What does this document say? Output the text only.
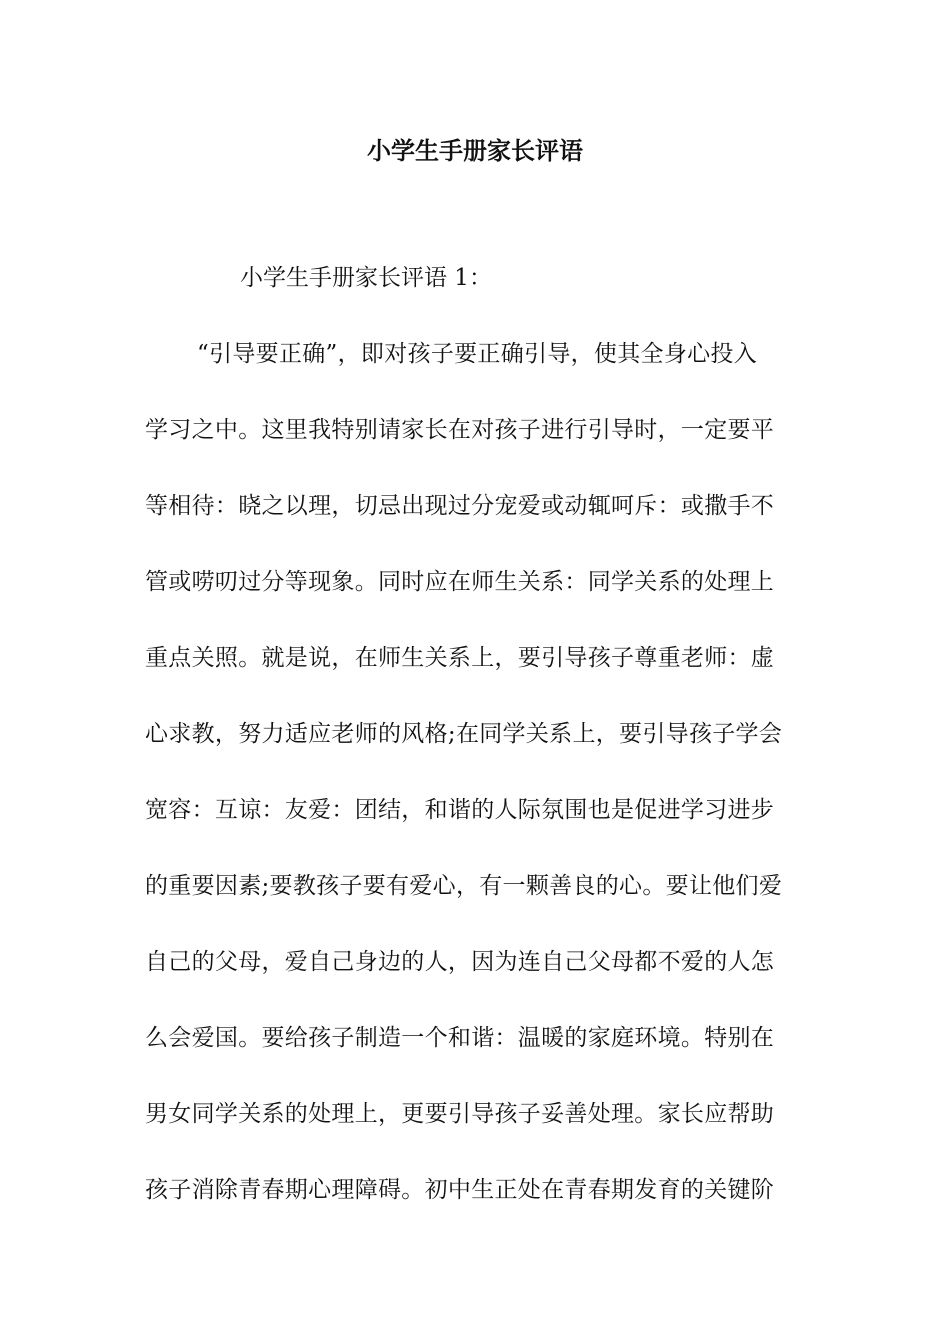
小学生手册家长评语

小学生手册家长评语 1：

“引导要正确”，即对孩子要正确引导，使其全身心投入
学习之中。这里我特别请家长在对孩子进行引导时，一定要平
等相待：晓之以理，切忌出现过分宠爱或动辄呵斥：或撒手不
管或唠叨过分等现象。同时应在师生关系：同学关系的处理上
重点关照。就是说，在师生关系上，要引导孩子尊重老师：虚
心求教，努力适应老师的风格;在同学关系上，要引导孩子学会
宽容：互谅：友爱：团结，和谐的人际氛围也是促进学习进步
的重要因素;要教孩子要有爱心，有一颗善良的心。要让他们爱
自己的父母，爱自己身边的人，因为连自己父母都不爱的人怎
么会爱国。要给孩子制造一个和谐：温暖的家庭环境。特别在
男女同学关系的处理上，更要引导孩子妥善处理。家长应帮助
孩子消除青春期心理障碍。初中生正处在青春期发育的关键阶
